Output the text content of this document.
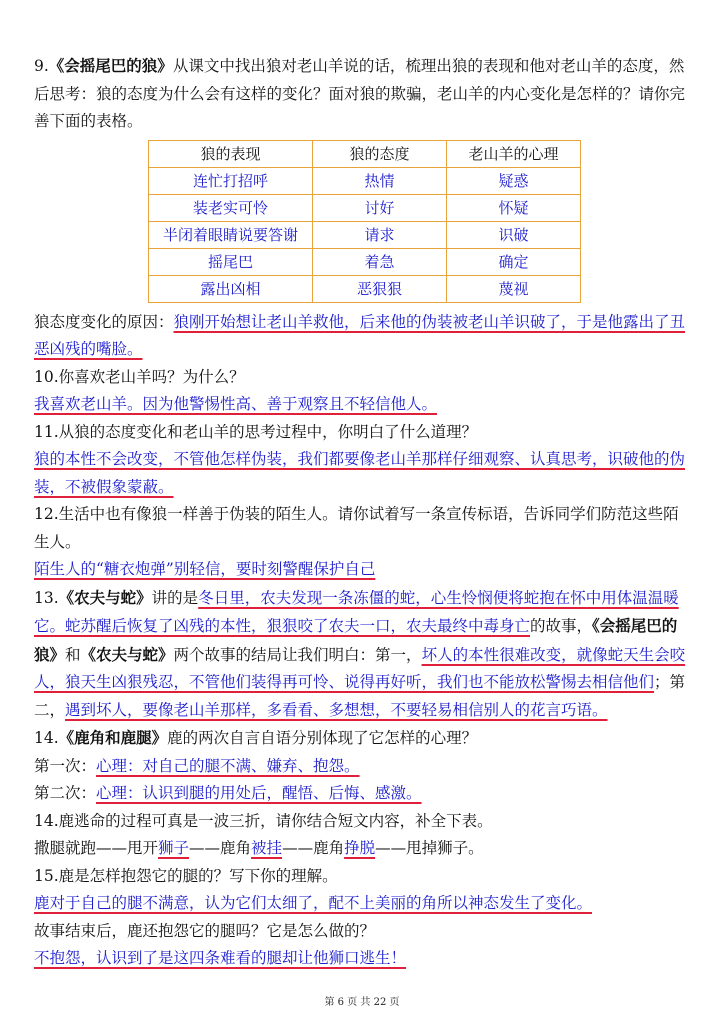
9.《会摇尾巴的狼》从课文中找出狼对老山羊说的话，梳理出狼的表现和他对老山羊的态度，然后思考：狼的态度为什么会有这样的变化？面对狼的欺骗，老山羊的内心变化是怎样的？请你完善下面的表格。

狼的表现	狼的态度	老山羊的心理
连忙打招呼	热情	疑惑
装老实可怜	讨好	怀疑
半闭着眼睛说要答谢	请求	识破
摇尾巴	着急	确定
露出凶相	恶狠狠	蔑视

狼态度变化的原因：狼刚开始想让老山羊救他，后来他的伪装被老山羊识破了，于是他露出了丑恶凶残的嘴脸。

10.你喜欢老山羊吗？为什么？

我喜欢老山羊。因为他警惕性高、善于观察且不轻信他人。

11.从狼的态度变化和老山羊的思考过程中，你明白了什么道理？

狼的本性不会改变，不管他怎样伪装，我们都要像老山羊那样仔细观察、认真思考，识破他的伪装，不被假象蒙蔽。

12.生活中也有像狼一样善于伪装的陌生人。请你试着写一条宣传标语，告诉同学们防范这些陌生人。

陌生人的“糖衣炮弹”别轻信，要时刻警醒保护自己

13.《农夫与蛇》讲的是冬日里，农夫发现一条冻僵的蛇，心生怜悯便将蛇抱在怀中用体温温暖它。蛇苏醒后恢复了凶残的本性，狠狠咬了农夫一口，农夫最终中毒身亡的故事，《会摇尾巴的狼》和《农夫与蛇》两个故事的结局让我们明白：第一，坏人的本性很难改变，就像蛇天生会咬人，狼天生凶狠残忍，不管他们装得再可怜、说得再好听，我们也不能放松警惕去相信他们；第二，遇到坏人，要像老山羊那样，多看看、多想想，不要轻易相信别人的花言巧语。

14.《鹿角和鹿腿》鹿的两次自言自语分别体现了它怎样的心理？

第一次：心理：对自己的腿不满、嫌弃、抱怨。

第二次：心理：认识到腿的用处后，醒悟、后悔、感激。

14.鹿逃命的过程可真是一波三折，请你结合短文内容，补全下表。

撒腿就跑——甩开狮子——鹿角被挂——鹿角挣脱——甩掉狮子。

15.鹿是怎样抱怨它的腿的？写下你的理解。

鹿对于自己的腿不满意，认为它们太细了，配不上美丽的角所以神态发生了变化。

故事结束后，鹿还抱怨它的腿吗？它是怎么做的？

不抱怨，认识到了是这四条难看的腿却让他狮口逃生！

第 6 页 共 22 页
